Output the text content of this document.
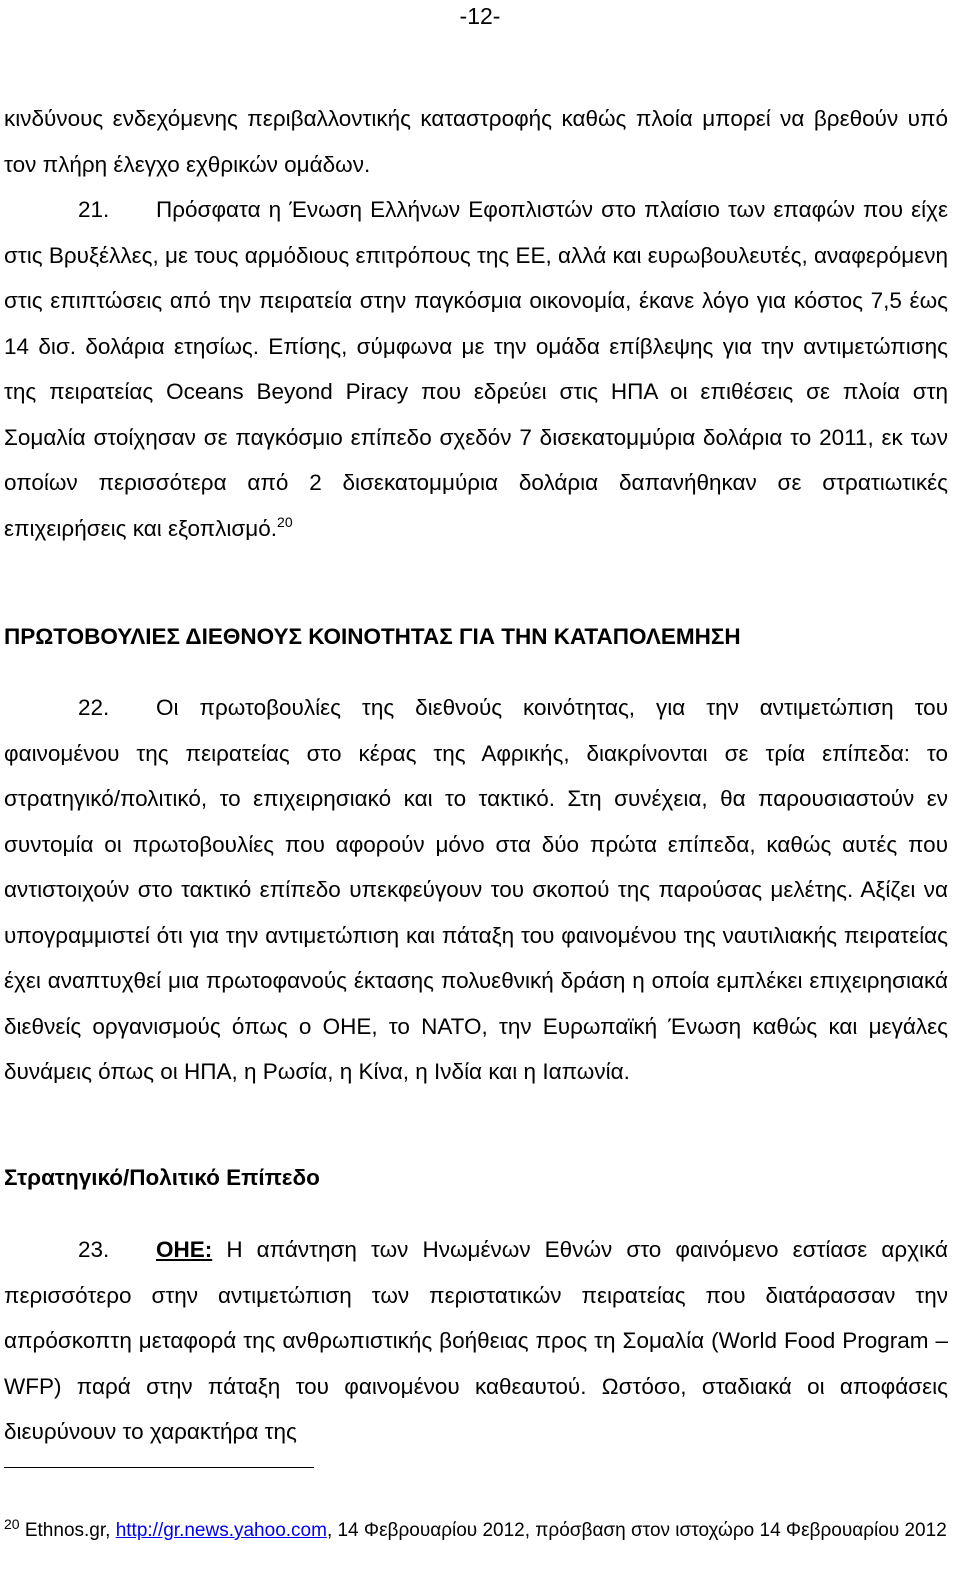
-12-

κινδύνους ενδεχόμενης περιβαλλοντικής καταστροφής καθώς πλοία μπορεί να βρεθούν υπό τον πλήρη έλεγχο εχθρικών ομάδων.
21. Πρόσφατα η Ένωση Ελλήνων Εφοπλιστών στο πλαίσιο των επαφών που είχε στις Βρυξέλλες, με τους αρμόδιους επιτρόπους της ΕΕ, αλλά και ευρωβουλευτές, αναφερόμενη στις επιπτώσεις από την πειρατεία στην παγκόσμια οικονομία, έκανε λόγο για κόστος 7,5 έως 14 δισ. δολάρια ετησίως. Επίσης, σύμφωνα με την ομάδα επίβλεψης για την αντιμετώπισης της πειρατείας Oceans Beyond Piracy που εδρεύει στις ΗΠΑ οι επιθέσεις σε πλοία στη Σομαλία στοίχησαν σε παγκόσμιο επίπεδο σχεδόν 7 δισεκατομμύρια δολάρια το 2011, εκ των οποίων περισσότερα από 2 δισεκατομμύρια δολάρια δαπανήθηκαν σε στρατιωτικές επιχειρήσεις και εξοπλισμό.$^{20}$

ΠΡΩΤΟΒΟΥΛΙΕΣ ΔΙΕΘΝΟΥΣ ΚΟΙΝΟΤΗΤΑΣ ΓΙΑ ΤΗΝ ΚΑΤΑΠΟΛΕΜΗΣΗ

22. Οι πρωτοβουλίες της διεθνούς κοινότητας, για την αντιμετώπιση του φαινομένου της πειρατείας στο κέρας της Αφρικής, διακρίνονται σε τρία επίπεδα: το στρατηγικό/πολιτικό, το επιχειρησιακό και το τακτικό. Στη συνέχεια, θα παρουσιαστούν εν συντομία οι πρωτοβουλίες που αφορούν μόνο στα δύο πρώτα επίπεδα, καθώς αυτές που αντιστοιχούν στο τακτικό επίπεδο υπεκφεύγουν του σκοπού της παρούσας μελέτης. Αξίζει να υπογραμμιστεί ότι για την αντιμετώπιση και πάταξη του φαινομένου της ναυτιλιακής πειρατείας έχει αναπτυχθεί μια πρωτοφανούς έκτασης πολυεθνική δράση η οποία εμπλέκει επιχειρησιακά διεθνείς οργανισμούς όπως ο ΟΗΕ, το ΝΑΤΟ, την Ευρωπαϊκή Ένωση καθώς και μεγάλες δυνάμεις όπως οι ΗΠΑ, η Ρωσία, η Κίνα, η Ινδία και η Ιαπωνία.

Στρατηγικό/Πολιτικό Επίπεδο

23. ΟΗΕ: Η απάντηση των Ηνωμένων Εθνών στο φαινόμενο εστίασε αρχικά περισσότερο στην αντιμετώπιση των περιστατικών πειρατείας που διατάρασσαν την απρόσκοπτη μεταφορά της ανθρωπιστικής βοήθειας προς τη Σομαλία (World Food Program – WFP) παρά στην πάταξη του φαινομένου καθεαυτού. Ωστόσο, σταδιακά οι αποφάσεις διευρύνουν το χαρακτήρα της

$^{20}$ Ethnos.gr, http://gr.news.yahoo.com, 14 Φεβρουαρίου 2012, πρόσβαση στον ιστοχώρο 14 Φεβρουαρίου 2012
